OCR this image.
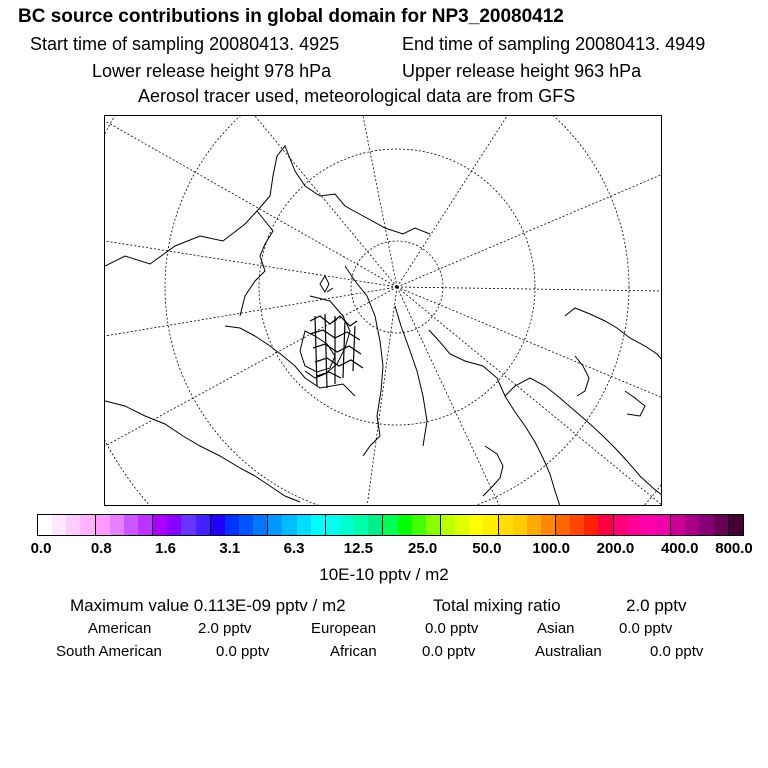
BC source contributions in global domain for NP3_20080412
Start time of sampling 20080413. 4925	End time of sampling 20080413. 4949
Lower release height 978 hPa	Upper release height 963 hPa
Aerosol tracer used, meteorological data are from GFS
0.0	0.8	1.6	3.1	6.3	12.5 25.0 50.0 100.0 200.0 400.0 800.0
10E-10 pptv / m2
Maximum value 0.113E-09 pptv / m2	Total mixing ratio	2.0 pptv
American	2.0 pptv	European	0.0 pptv	Asian	0.0 pptv
South American	0.0 pptv	African	0.0 pptv	Australian	0.0 pptv
